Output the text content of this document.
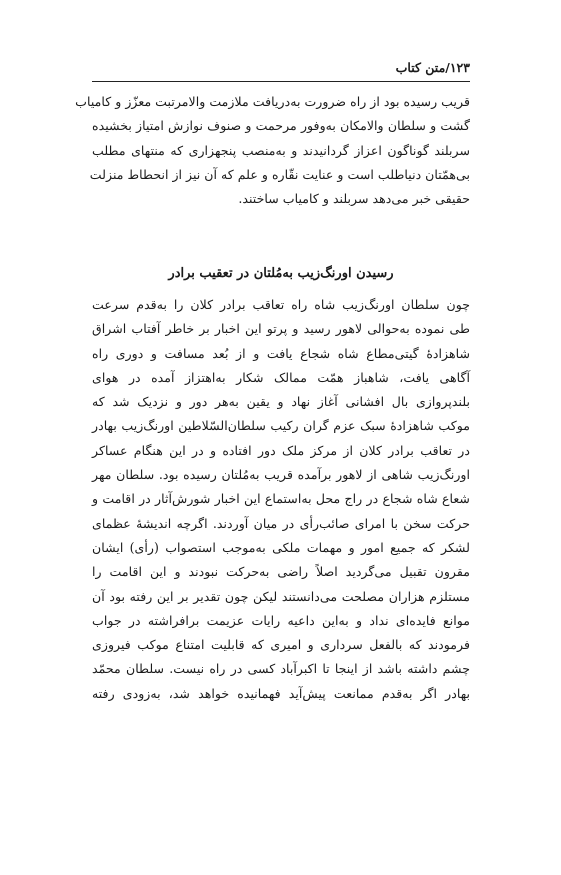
۱۲۳/متن کتاب
قریب رسیده بود از راه ضرورت به‌دریافت ملازمت والامرتبت معزّز و کامیاب
گشت و سلطان والامکان به‌وفور مرحمت و صنوف نوازش امتیاز بخشیده
سربلند گوناگون اعزاز گردانیدند و به‌منصب پنجهزاری که منتهای مطلب
بی‌همّتان دنیاطلب است و عنایت نقّاره و علم که آن نیز از انحطاط منزلت
حقیقی خبر می‌دهد سربلند و کامیاب ساختند.
رسیدن اورنگ‌زیب به‌مُلتان در تعقیب برادر
چون سلطان اورنگ‌زیب شاه راه تعاقب برادر کلان را به‌قدم سرعت
طی نموده به‌حوالی لاهور رسید و پرتو این اخبار بر خاطر آفتاب اشراق
شاهزادهٔ گیتی‌مطاع شاه شجاع یافت و از بُعد مسافت و دوری راه
آگاهی یافت، شاهباز همّت ممالک شکار به‌اهتزاز آمده در هوای
بلندپروازی بال افشانی آغاز نهاد و یقین به‌هر دور و نزدیک شد که
موکب شاهزادهٔ سبک عزم گران رکیب سلطان‌السّلاطین اورنگ‌زیب بهادر
در تعاقب برادر کلان از مرکز ملک دور افتاده و در این هنگام عساکر
اورنگ‌زیب شاهی از لاهور برآمده قریب به‌مُلتان رسیده بود. سلطان مهر
شعاع شاه شجاع در راج محل به‌استماع این اخبار شورش‌آثار در اقامت و
حرکت سخن با امرای صائب‌رأی در میان آوردند. اگرچه اندیشهٔ عظمای
لشکر که جمیع امور و مهمات ملکی به‌موجب استصواب (رأی) ایشان
مقرون تقبیل می‌گردید اصلاً راضی به‌حرکت نبودند و این اقامت را
مستلزم هزاران مصلحت می‌دانستند لیکن چون تقدیر بر این رفته بود آن
موانع فایده‌ای نداد و به‌این داعیه رایات عزیمت برافراشته در جواب
فرمودند که بالفعل سرداری و امیری که قابلیت امتناع موکب فیروزی
چشم داشته باشد از اینجا تا اکبرآباد کسی در راه نیست. سلطان محمّد
بهادر اگر به‌قدم ممانعت پیش‌آید فهمانیده خواهد شد، به‌زودی رفته
